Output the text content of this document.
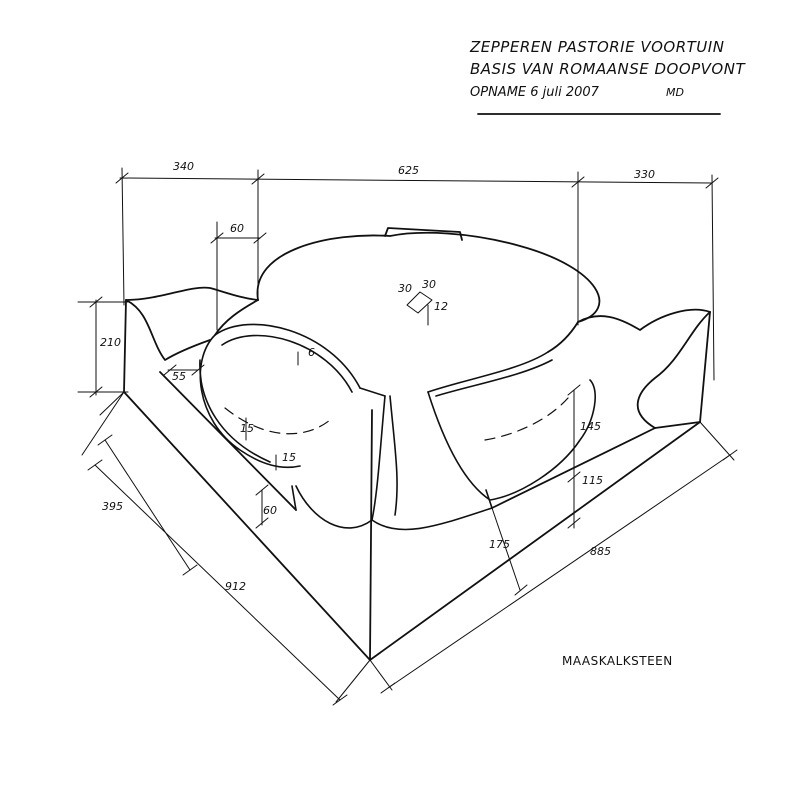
340	625	330
60
210
6
30 30
12
55
15
15
145
115
60
175
395
912
885
ZEPPEREN PASTORIE VOORTUIN
BASIS VAN ROMAANSE DOOPVONT
OPNAME 6 juli 2007	MD
MAASKALKSTEEN
